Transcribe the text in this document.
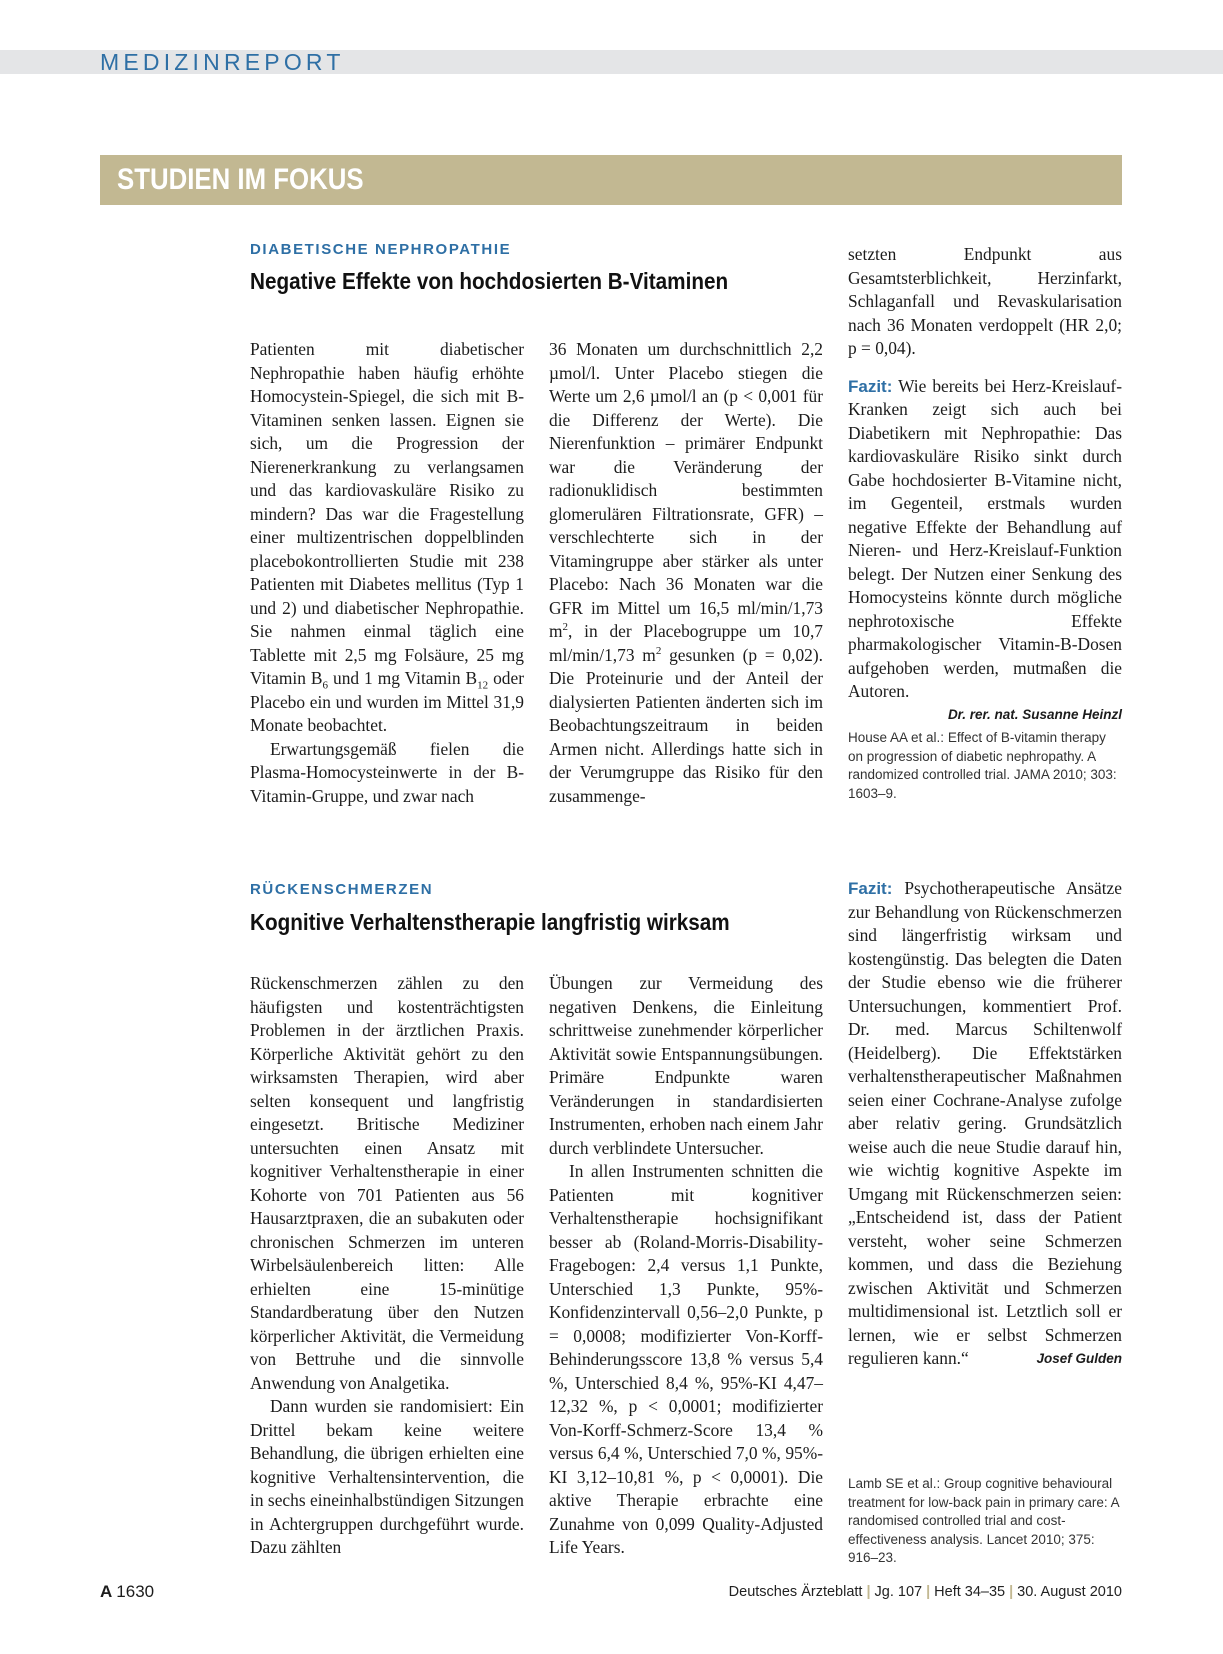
MEDIZINREPORT
STUDIEN IM FOKUS
DIABETISCHE NEPHROPATHIE
Negative Effekte von hochdosierten B-Vitaminen

Patienten mit diabetischer Nephropathie haben häufig erhöhte Homocystein-Spiegel, die sich mit B-Vitaminen senken lassen. Eignen sie sich, um die Progression der Nierenerkrankung zu verlangsamen und das kardiovaskuläre Risiko zu mindern? Das war die Fragestellung einer multizentrischen doppelblinden placebokontrollierten Studie mit 238 Patienten mit Diabetes mellitus (Typ 1 und 2) und diabetischer Nephropathie. Sie nahmen einmal täglich eine Tablette mit 2,5 mg Folsäure, 25 mg Vitamin $B_6$ und 1 mg Vitamin $B_{12}$ oder Placebo ein und wurden im Mittel 31,9 Monate beobachtet.

Erwartungsgemäß fielen die Plasma-Homocysteinwerte in der B-Vitamin-Gruppe, und zwar nach

36 Monaten um durchschnittlich 2,2 µmol/l. Unter Placebo stiegen die Werte um 2,6 µmol/l an (p < 0,001 für die Differenz der Werte). Die Nierenfunktion – primärer Endpunkt war die Veränderung der radionuklidisch bestimmten glomerulären Filtrationsrate, GFR) – verschlechterte sich in der Vitamingruppe aber stärker als unter Placebo: Nach 36 Monaten war die GFR im Mittel um 16,5 ml/min/1,73 $m^2$, in der Placebogruppe um 10,7 ml/min/1,73 $m^2$ gesunken (p = 0,02). Die Proteinurie und der Anteil der dialysierten Patienten änderten sich im Beobachtungszeitraum in beiden Armen nicht. Allerdings hatte sich in der Verumgruppe das Risiko für den zusammenge-

setzten Endpunkt aus Gesamtsterblichkeit, Herzinfarkt, Schlaganfall und Revaskularisation nach 36 Monaten verdoppelt (HR 2,0; p = 0,04).

Fazit: Wie bereits bei Herz-Kreislauf-Kranken zeigt sich auch bei Diabetikern mit Nephropathie: Das kardiovaskuläre Risiko sinkt durch Gabe hochdosierter B-Vitamine nicht, im Gegenteil, erstmals wurden negative Effekte der Behandlung auf Nieren- und Herz-Kreislauf-Funktion belegt. Der Nutzen einer Senkung des Homocysteins könnte durch mögliche nephrotoxische Effekte pharmakologischer Vitamin-B-Dosen aufgehoben werden, mutmaßen die Autoren.

Dr. rer. nat. Susanne Heinzl
House AA et al.: Effect of B-vitamin therapy on progression of diabetic nephropathy. A randomized controlled trial. JAMA 2010; 303: 1603–9.
RÜCKENSCHMERZEN
Kognitive Verhaltenstherapie langfristig wirksam

Rückenschmerzen zählen zu den häufigsten und kostenträchtigsten Problemen in der ärztlichen Praxis. Körperliche Aktivität gehört zu den wirksamsten Therapien, wird aber selten konsequent und langfristig eingesetzt. Britische Mediziner untersuchten einen Ansatz mit kognitiver Verhaltenstherapie in einer Kohorte von 701 Patienten aus 56 Hausarztpraxen, die an subakuten oder chronischen Schmerzen im unteren Wirbelsäulenbereich litten: Alle erhielten eine 15-minütige Standardberatung über den Nutzen körperlicher Aktivität, die Vermeidung von Bettruhe und die sinnvolle Anwendung von Analgetika.

Dann wurden sie randomisiert: Ein Drittel bekam keine weitere Behandlung, die übrigen erhielten eine kognitive Verhaltensintervention, die in sechs eineinhalbstündigen Sitzungen in Achtergruppen durchgeführt wurde. Dazu zählten

Übungen zur Vermeidung des negativen Denkens, die Einleitung schrittweise zunehmender körperlicher Aktivität sowie Entspannungsübungen. Primäre Endpunkte waren Veränderungen in standardisierten Instrumenten, erhoben nach einem Jahr durch verblindete Untersucher.

In allen Instrumenten schnitten die Patienten mit kognitiver Verhaltenstherapie hochsignifikant besser ab (Roland-Morris-Disability-Fragebogen: 2,4 versus 1,1 Punkte, Unterschied 1,3 Punkte, 95%-Konfidenzintervall 0,56–2,0 Punkte, p = 0,0008; modifizierter Von-Korff-Behinderungsscore 13,8 % versus 5,4 %, Unterschied 8,4 %, 95%-KI 4,47–12,32 %, p < 0,0001; modifizierter Von-Korff-Schmerz-Score 13,4 % versus 6,4 %, Unterschied 7,0 %, 95%-KI 3,12–10,81 %, p < 0,0001). Die aktive Therapie erbrachte eine Zunahme von 0,099 Quality-Adjusted Life Years.

Fazit: Psychotherapeutische Ansätze zur Behandlung von Rückenschmerzen sind längerfristig wirksam und kostengünstig. Das belegten die Daten der Studie ebenso wie die früherer Untersuchungen, kommentiert Prof. Dr. med. Marcus Schiltenwolf (Heidelberg). Die Effektstärken verhaltenstherapeutischer Maßnahmen seien einer Cochrane-Analyse zufolge aber relativ gering. Grundsätzlich weise auch die neue Studie darauf hin, wie wichtig kognitive Aspekte im Umgang mit Rückenschmerzen seien: „Entscheidend ist, dass der Patient versteht, woher seine Schmerzen kommen, und dass die Beziehung zwischen Aktivität und Schmerzen multidimensional ist. Letztlich soll er lernen, wie er selbst Schmerzen regulieren kann.“	Josef Gulden

Lamb SE et al.: Group cognitive behavioural treatment for low-back pain in primary care: A randomised controlled trial and cost-effectiveness analysis. Lancet 2010; 375: 916–23.
A 1630	Deutsches Ärzteblatt | Jg. 107 | Heft 34–35 | 30. August 2010
